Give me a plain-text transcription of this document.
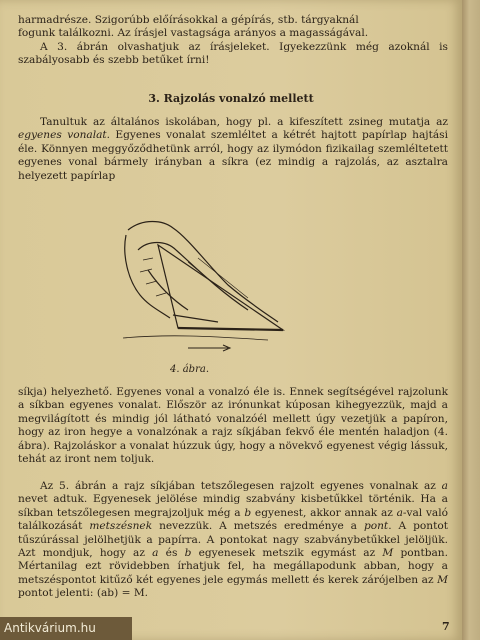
harmadrésze. Szigorúbb előírásokkal a gépírás, stb. tárgyaknál

fogunk találkozni. Az írásjel vastagsága arányos a magasságával.

A 3. ábrán olvashatjuk az írásjeleket. Igyekezzünk még azoknál is szabályosabb és szebb betűket írni!

3. Rajzolás vonalzó mellett

Tanultuk az általános iskolában, hogy pl. a kifeszített zsineg mutatja az egyenes vonalat. Egyenes vonalat szemléltet a kétrét hajtott papírlap hajtási éle. Könnyen meggyőződhetünk arról, hogy az ilymódon fizikailag szemléltetett egyenes vonal bármely irányban a síkra (ez mindig a rajzolás, az asztalra helyezett papírlap

4. ábra.

síkja) helyezhető. Egyenes vonal a vonalzó éle is. Ennek segítségével rajzolunk a síkban egyenes vonalat. Először az irónunkat kúposan kihegyezzük, majd a megvilágított és mindig jól látható vonalzóél mellett úgy vezetjük a papíron, hogy az iron hegye a vonalzónak a rajz síkjában fekvő éle mentén haladjon (4. ábra). Rajzoláskor a vonalat húzzuk úgy, hogy a növekvő egyenest végig lássuk, tehát az iront nem toljuk.

Az 5. ábrán a rajz síkjában tetszőlegesen rajzolt egyenes vonalnak az a nevet adtuk. Egyenesek jelölése mindig szabvány kisbetűkkel történik. Ha a síkban tetszőlegesen megrajzoljuk még a b egyenest, akkor annak az a-val való találkozását metszésnek nevezzük. A metszés eredménye a pont. A pontot tűszúrással jelölhetjük a papírra. A pontokat nagy szabványbetűkkel jelöljük. Azt mondjuk, hogy az a és b egyenesek metszik egymást az M pontban. Mértanilag ezt rövidebben írhatjuk fel, ha megállapodunk abban, hogy a metszéspontot kitűző két egyenes jele egymás mellett és kerek zárójelben az M pontot jelenti: (ab) = M.

7
Antikvárium.hu
